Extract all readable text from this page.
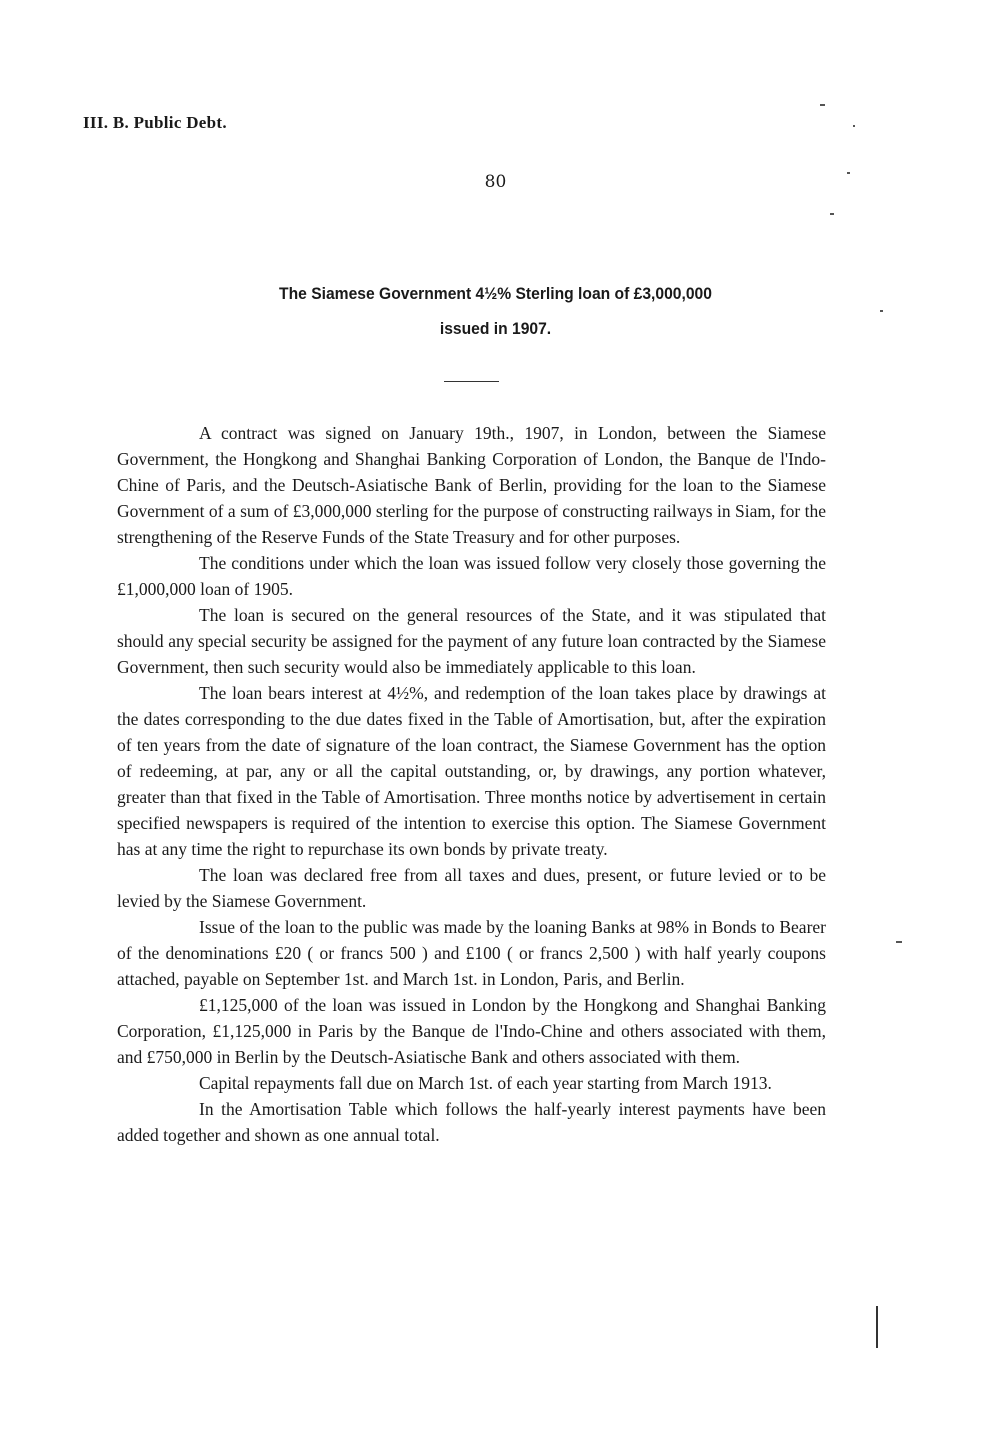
III. B. Public Debt.
80
The Siamese Government 4½% Sterling loan of £3,000,000
issued in 1907.

A contract was signed on January 19th., 1907, in London, between the Siamese Government, the Hongkong and Shanghai Banking Corporation of London, the Banque de l'Indo-Chine of Paris, and the Deutsch-Asiatische Bank of Berlin, providing for the loan to the Siamese Government of a sum of £3,000,000 sterling for the purpose of constructing railways in Siam, for the strengthening of the Reserve Funds of the State Treasury and for other purposes.

The conditions under which the loan was issued follow very closely those governing the £1,000,000 loan of 1905.

The loan is secured on the general resources of the State, and it was stipulated that should any special security be assigned for the payment of any future loan contracted by the Siamese Government, then such security would also be immediately applicable to this loan.

The loan bears interest at 4½%, and redemption of the loan takes place by drawings at the dates corresponding to the due dates fixed in the Table of Amortisation, but, after the expiration of ten years from the date of signature of the loan contract, the Siamese Government has the option of redeeming, at par, any or all the capital outstanding, or, by drawings, any portion whatever, greater than that fixed in the Table of Amortisation. Three months notice by advertisement in certain specified newspapers is required of the intention to exercise this option. The Siamese Government has at any time the right to repurchase its own bonds by private treaty.

The loan was declared free from all taxes and dues, present, or future levied or to be levied by the Siamese Government.

Issue of the loan to the public was made by the loaning Banks at 98% in Bonds to Bearer of the denominations £20 ( or francs 500 ) and £100 ( or francs 2,500 ) with half yearly coupons attached, payable on September 1st. and March 1st. in London, Paris, and Berlin.

£1,125,000 of the loan was issued in London by the Hongkong and Shanghai Banking Corporation, £1,125,000 in Paris by the Banque de l'Indo-Chine and others associated with them, and £750,000 in Berlin by the Deutsch-Asiatische Bank and others associated with them.

Capital repayments fall due on March 1st. of each year starting from March 1913.

In the Amortisation Table which follows the half-yearly interest payments have been added together and shown as one annual total.
